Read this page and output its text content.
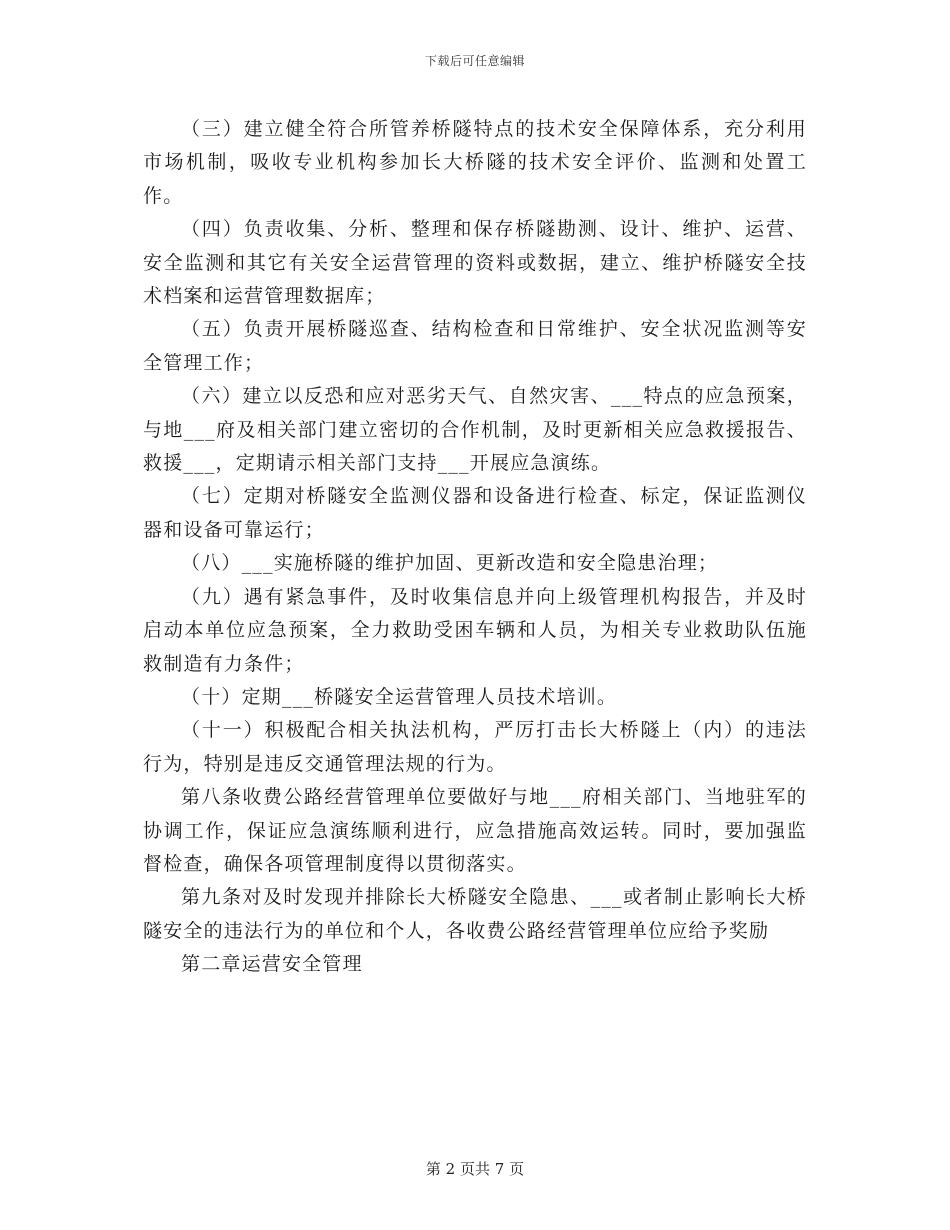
下载后可任意编辑

（三）建立健全符合所管养桥隧特点的技术安全保障体系，充分利用市场机制，吸收专业机构参加长大桥隧的技术安全评价、监测和处置工作。

（四）负责收集、分析、整理和保存桥隧勘测、设计、维护、运营、安全监测和其它有关安全运营管理的资料或数据，建立、维护桥隧安全技术档案和运营管理数据库；

（五）负责开展桥隧巡查、结构检查和日常维护、安全状况监测等安全管理工作；

（六）建立以反恐和应对恶劣天气、自然灾害、___特点的应急预案，与地___府及相关部门建立密切的合作机制，及时更新相关应急救援报告、救援___，定期请示相关部门支持___开展应急演练。

（七）定期对桥隧安全监测仪器和设备进行检查、标定，保证监测仪器和设备可靠运行；

（八）___实施桥隧的维护加固、更新改造和安全隐患治理；

（九）遇有紧急事件，及时收集信息并向上级管理机构报告，并及时启动本单位应急预案，全力救助受困车辆和人员，为相关专业救助队伍施救制造有力条件；

（十）定期___桥隧安全运营管理人员技术培训。

（十一）积极配合相关执法机构，严厉打击长大桥隧上（内）的违法行为，特别是违反交通管理法规的行为。

第八条收费公路经营管理单位要做好与地___府相关部门、当地驻军的协调工作，保证应急演练顺利进行，应急措施高效运转。同时，要加强监督检查，确保各项管理制度得以贯彻落实。

第九条对及时发现并排除长大桥隧安全隐患、___或者制止影响长大桥隧安全的违法行为的单位和个人，各收费公路经营管理单位应给予奖励

第二章运营安全管理

第 2 页共 7 页
